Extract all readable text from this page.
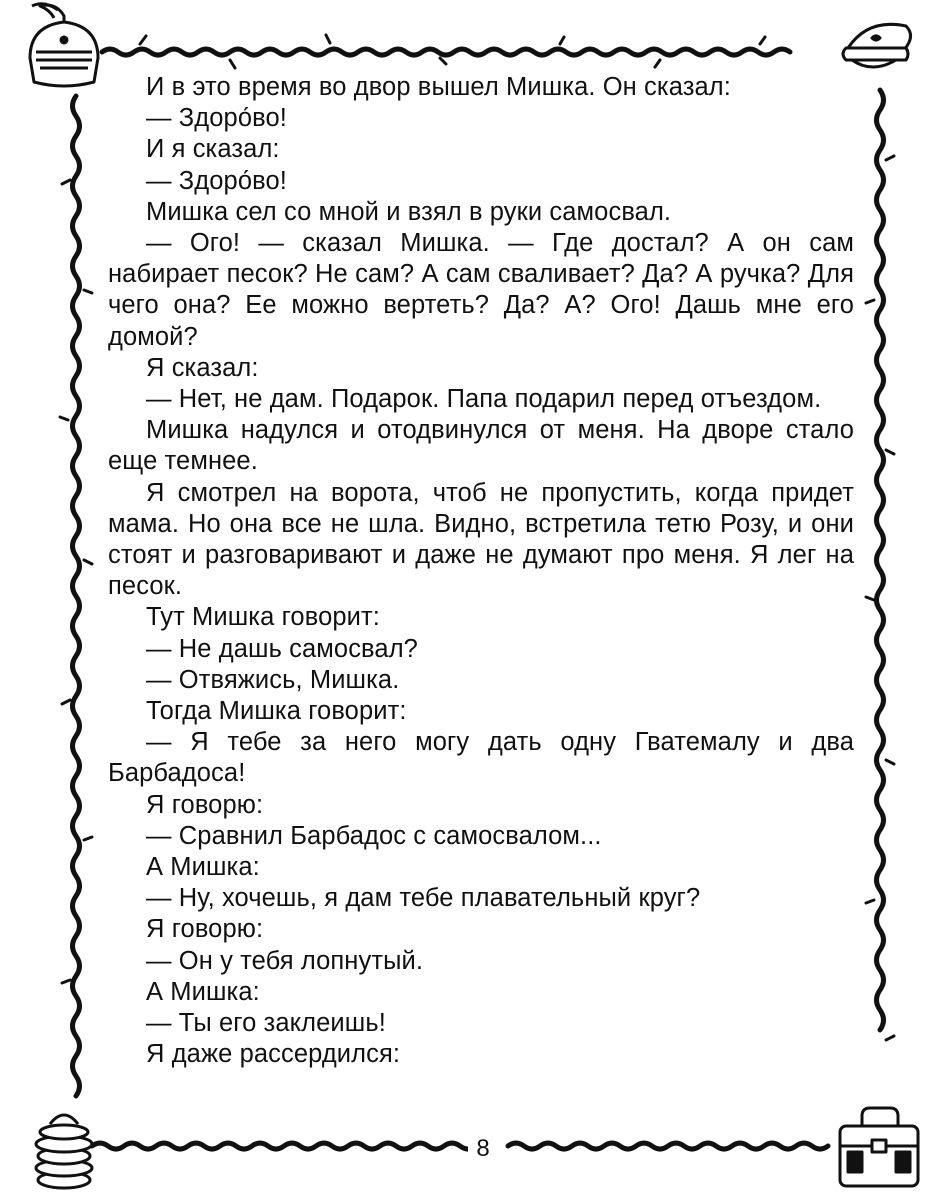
И в это время во двор вышел Мишка. Он сказал:

— Здоро́во!

И я сказал:

— Здоро́во!

Мишка сел со мной и взял в руки самосвал.

— Ого! — сказал Мишка. — Где достал? А он сам набирает песок? Не сам? А сам сваливает? Да? А ручка? Для чего она? Ее можно вертеть? Да? А? Ого! Дашь мне его домой?

Я сказал:

— Нет, не дам. Подарок. Папа подарил перед отъездом.

Мишка надулся и отодвинулся от меня. На дворе стало еще темнее.

Я смотрел на ворота, чтоб не пропустить, когда придет мама. Но она все не шла. Видно, встретила тетю Розу, и они стоят и разговаривают и даже не думают про меня. Я лег на песок.

Тут Мишка говорит:

— Не дашь самосвал?

— Отвяжись, Мишка.

Тогда Мишка говорит:

— Я тебе за него могу дать одну Гватемалу и два Барбадоса!

Я говорю:

— Сравнил Барбадос с самосвалом...

А Мишка:

— Ну, хочешь, я дам тебе плавательный круг?

Я говорю:

— Он у тебя лопнутый.

А Мишка:

— Ты его заклеишь!

Я даже рассердился:

8
